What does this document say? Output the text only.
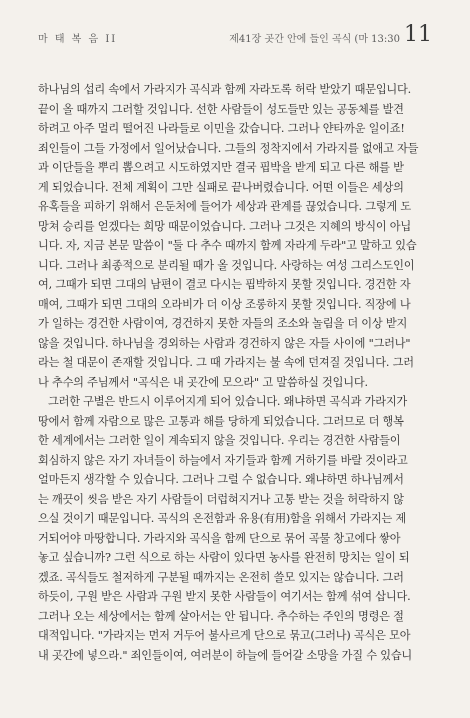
마 태 복 음 II	제41장 곳간 안에 들인 곡식 (마 13:30 11
하나님의 섭리 속에서 가라지가 곡식과 함께 자라도록 허락 받았기 때문입니다.
끝이 올 때까지 그러할 것입니다. 선한 사람들이 성도들만 있는 공동체를 발견
하려고 아주 멀리 떨어진 나라들로 이민을 갔습니다. 그러나 얀타까운 일이죠!
죄인들이 그들 가정에서 일어났습니다. 그들의 정착지에서 가라지를 없애고 자들
과 이단들을 뿌리 뽑으려고 시도하였지만 결국 핍박을 받게 되고 다른 해를 받
게 되었습니다. 전체 계획이 그만 실패로 끝나버렸습니다. 어떤 이들은 세상의
유혹들을 피하기 위해서 은둔처에 들어가 세상과 관계를 끊었습니다. 그렇게 도
망쳐 승리를 얻겠다는 희망 때문이었습니다. 그러나 그것은 지혜의 방식이 아닙
니다. 자, 지금 본문 말씀이 "둘 다 추수 때까지 함께 자라게 두라"고 말하고 있습
니다. 그러나 최종적으로 분리될 때가 올 것입니다. 사랑하는 여성 그리스도인이
여, 그때가 되면 그대의 남편이 결코 다시는 핍박하지 못할 것입니다. 경건한 자
매여, 그때가 되면 그대의 오라비가 더 이상 조롱하지 못할 것입니다. 직장에 나
가 일하는 경건한 사람이여, 경건하지 못한 자들의 조소와 놀림을 더 이상 받지
않을 것입니다. 하나님을 경외하는 사람과 경건하지 않은 자들 사이에 "그러나"
라는 철 대문이 존재할 것입니다. 그 때 가라지는 불 속에 던져질 것입니다. 그러
나 추수의 주님께서 "곡식은 내 곳간에 모으라" 고 말씀하실 것입니다.
그러한 구별은 반드시 이루어지게 되어 있습니다. 왜냐하면 곡식과 가라지가
땅에서 함께 자람으로 많은 고통과 해를 당하게 되었습니다. 그러므로 더 행복
한 세계에서는 그러한 일이 계속되지 않을 것입니다. 우리는 경건한 사람들이
회심하지 않은 자기 자녀들이 하늘에서 자기들과 함께 거하기를 바랄 것이라고
얼마든지 생각할 수 있습니다. 그러나 그럴 수 없습니다. 왜냐하면 하나님께서
는 깨끗이 씻음 받은 자기 사람들이 더럽혀지거나 고통 받는 것을 허락하지 않
으실 것이기 때문입니다. 곡식의 온전함과 유용(有用)함을 위해서 가라지는 제
거되어야 마땅합니다. 가라지와 곡식을 함께 단으로 묶어 곡물 창고에다 쌓아
놓고 싶습니까? 그런 식으로 하는 사람이 있다면 농사를 완전히 망치는 일이 되
겠죠. 곡식들도 철저하게 구분될 때까지는 온전히 쓸모 있지는 않습니다. 그러
하듯이, 구원 받은 사람과 구원 받지 못한 사람들이 여기서는 함께 섞여 삽니다.
그러나 오는 세상에서는 함께 살아서는 안 됩니다. 추수하는 주인의 명령은 절
대적입니다. "가라지는 먼저 거두어 불사르게 단으로 묶고(그러나) 곡식은 모아
내 곳간에 넣으라." 죄인들이여, 여러분이 하늘에 들어갈 소망을 가질 수 있습니
